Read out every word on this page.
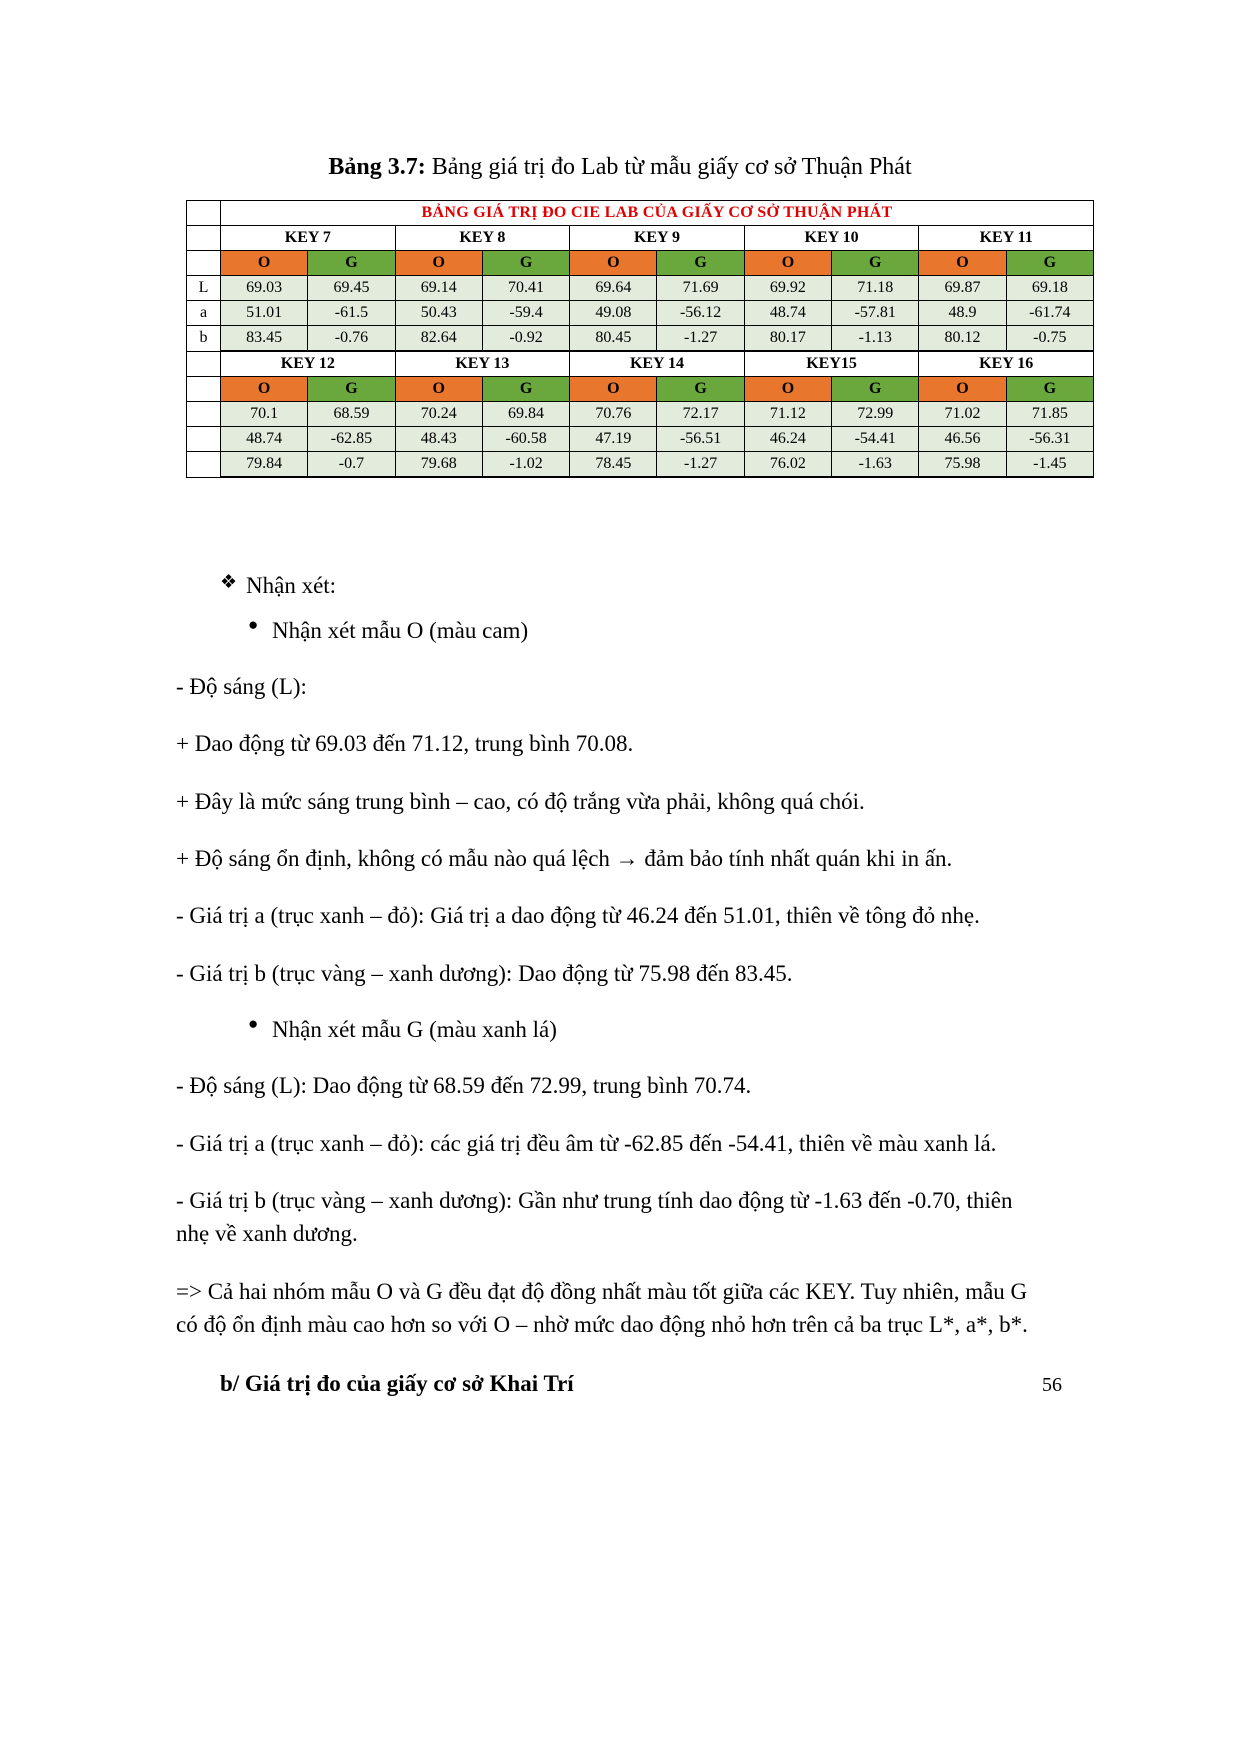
Bảng 3.7: Bảng giá trị đo Lab từ mẫu giấy cơ sở Thuận Phát
	BẢNG GIÁ TRỊ ĐO CIE LAB CỦA GIẤY CƠ SỞ THUẬN PHÁT									
	KEY 7		KEY 8		KEY 9		KEY 10		KEY 11	
	O	G	O	G	O	G	O	G	O	G
L	69.03	69.45	69.14	70.41	69.64	71.69	69.92	71.18	69.87	69.18
a	51.01	-61.5	50.43	-59.4	49.08	-56.12	48.74	-57.81	48.9	-61.74
b	83.45	-0.76	82.64	-0.92	80.45	-1.27	80.17	-1.13	80.12	-0.75
	KEY 12		KEY 13		KEY 14		KEY15		KEY 16	
	O	G	O	G	O	G	O	G	O	G
	70.1	68.59	70.24	69.84	70.76	72.17	71.12	72.99	71.02	71.85
	48.74	-62.85	48.43	-60.58	47.19	-56.51	46.24	-54.41	46.56	-56.31
	79.84	-0.7	79.68	-1.02	78.45	-1.27	76.02	-1.63	75.98	-1.45
❖ Nhận xét:
● Nhận xét mẫu O (màu cam)

- Độ sáng (L):

+ Dao động từ 69.03 đến 71.12, trung bình 70.08.

+ Đây là mức sáng trung bình – cao, có độ trắng vừa phải, không quá chói.

+ Độ sáng ổn định, không có mẫu nào quá lệch → đảm bảo tính nhất quán khi in ấn.

- Giá trị a (trục xanh – đỏ): Giá trị a dao động từ 46.24 đến 51.01, thiên về tông đỏ nhẹ.

- Giá trị b (trục vàng – xanh dương): Dao động từ 75.98 đến 83.45.

● Nhận xét mẫu G (màu xanh lá)

- Độ sáng (L): Dao động từ 68.59 đến 72.99, trung bình 70.74.

- Giá trị a (trục xanh – đỏ): các giá trị đều âm từ -62.85 đến -54.41, thiên về màu xanh lá.

- Giá trị b (trục vàng – xanh dương): Gần như trung tính dao động từ -1.63 đến -0.70, thiên nhẹ về xanh dương.

=> Cả hai nhóm mẫu O và G đều đạt độ đồng nhất màu tốt giữa các KEY. Tuy nhiên, mẫu G có độ ổn định màu cao hơn so với O – nhờ mức dao động nhỏ hơn trên cả ba trục L*, a*, b*.

b/ Giá trị đo của giấy cơ sở Khai Trí	56
